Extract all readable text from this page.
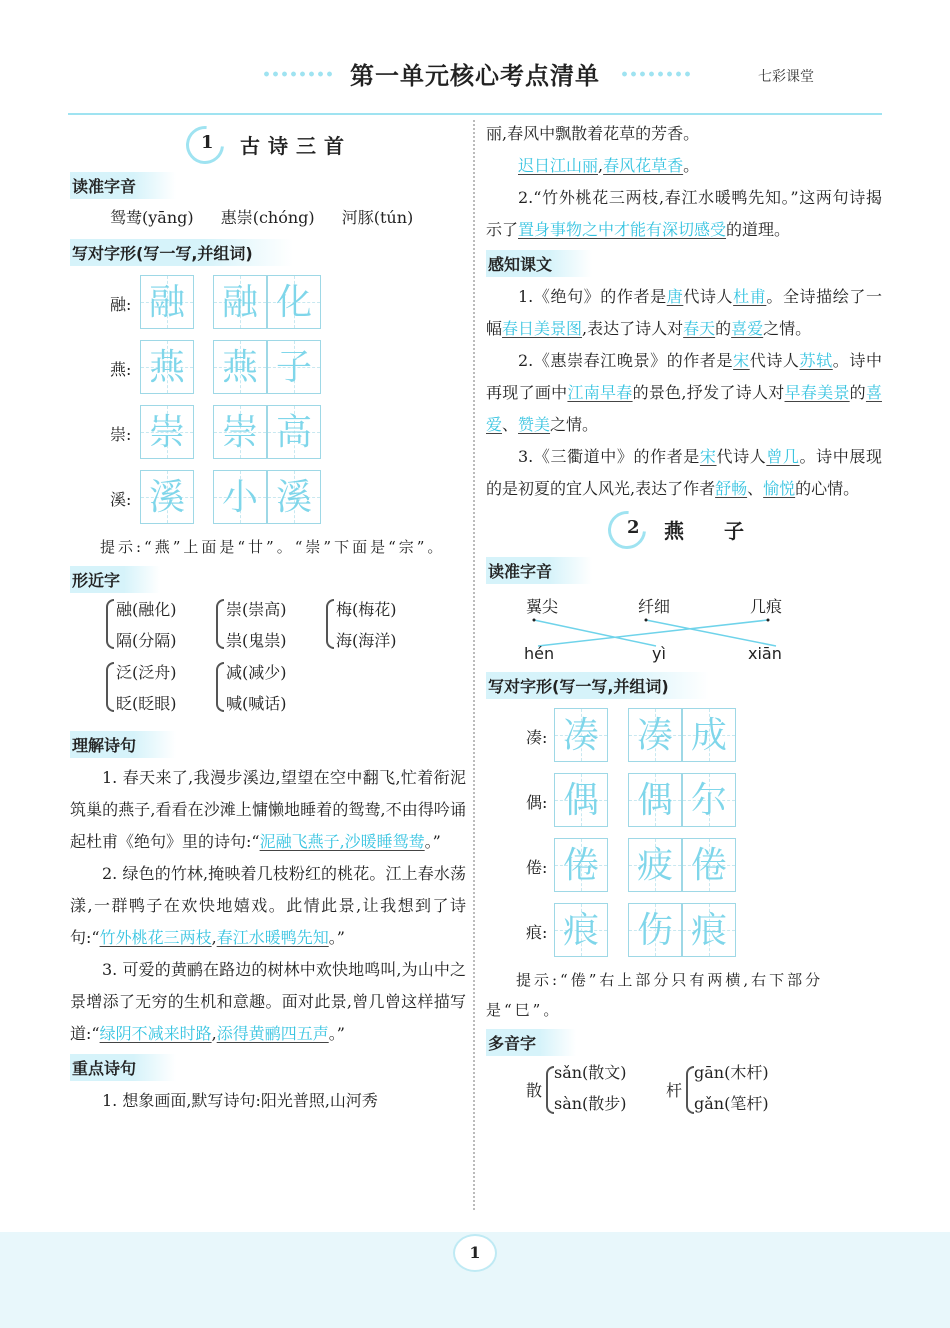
第一单元核心考点清单	七彩课堂
1 古诗三首
读准字音
鸳鸯(yāng) 惠崇(chóng) 河豚(tún)
写对字形(写一写,并组词)
融: 融 融 化
燕: 燕 燕 子
崇: 崇 崇 高
溪: 溪 小 溪
提示:“燕”上面是“廿”。“崇”下面是“宗”。
形近字
融(融化)
隔(分隔)
崇(崇高)
祟(鬼祟)
梅(梅花)
海(海洋)
泛(泛舟)
眨(眨眼)
减(减少)
喊(喊话)
理解诗句
1. 春天来了,我漫步溪边,望望在空中翻飞,忙着衔泥筑巢的燕子,看看在沙滩上慵懒地睡着的鸳鸯,不由得吟诵起杜甫《绝句》里的诗句:“泥融飞燕子,沙暖睡鸳鸯。”
2. 绿色的竹林,掩映着几枝粉红的桃花。江上春水荡漾,一群鸭子在欢快地嬉戏。此情此景,让我想到了诗句:“竹外桃花三两枝,春江水暖鸭先知。”
3. 可爱的黄鹂在路边的树林中欢快地鸣叫,为山中之景增添了无穷的生机和意趣。面对此景,曾几曾这样描写道:“绿阴不减来时路,添得黄鹂四五声。”
重点诗句
1. 想象画面,默写诗句:阳光普照,山河秀
丽,春风中飘散着花草的芳香。
迟日江山丽,春风花草香。
2.“竹外桃花三两枝,春江水暖鸭先知。”这两句诗揭示了置身事物之中才能有深切感受的道理。
感知课文
1.《绝句》的作者是唐代诗人杜甫。全诗描绘了一幅春日美景图,表达了诗人对春天的喜爱之情。
2.《惠崇春江晚景》的作者是宋代诗人苏轼。诗中再现了画中江南早春的景色,抒发了诗人对早春美景的喜爱、赞美之情。
3.《三衢道中》的作者是宋代诗人曾几。诗中展现的是初夏的宜人风光,表达了作者舒畅、愉悦的心情。
2 燕子
读准字音
翼尖	纤细	几痕
hén	yì	xiān
写对字形(写一写,并组词)
凑: 凑 凑 成
偶: 偶 偶 尔
倦: 倦 疲 倦
痕: 痕 伤 痕
提示:“倦”右上部分只有两横,右下部分是“巳”。
多音字
散
sǎn(散文)
sàn(散步)
杆
gān(木杆)
gǎn(笔杆)
1
